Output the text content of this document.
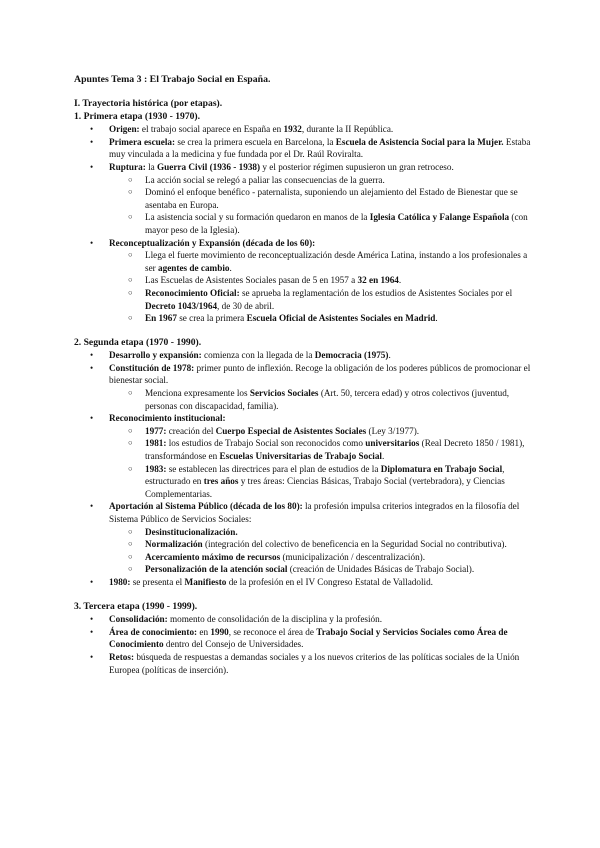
Apuntes Tema 3 : El Trabajo Social en España.
I. Trayectoria histórica (por etapas).
1. Primera etapa (1930 - 1970).
• Origen: el trabajo social aparece en España en 1932, durante la II República.
• Primera escuela: se crea la primera escuela en Barcelona, la Escuela de Asistencia Social para la Mujer. Estaba muy vinculada a la medicina y fue fundada por el Dr. Raúl Roviralta.
• Ruptura: la Guerra Civil (1936 - 1938) y el posterior régimen supusieron un gran retroceso.
○ La acción social se relegó a paliar las consecuencias de la guerra.
○ Dominó el enfoque benéfico - paternalista, suponiendo un alejamiento del Estado de Bienestar que se asentaba en Europa.
○ La asistencia social y su formación quedaron en manos de la Iglesia Católica y Falange Española (con mayor peso de la Iglesia).
• Reconceptualización y Expansión (década de los 60):
○ Llega el fuerte movimiento de reconceptualización desde América Latina, instando a los profesionales a ser agentes de cambio.
○ Las Escuelas de Asistentes Sociales pasan de 5 en 1957 a 32 en 1964.
○ Reconocimiento Oficial: se aprueba la reglamentación de los estudios de Asistentes Sociales por el Decreto 1043/1964, de 30 de abril.
○ En 1967 se crea la primera Escuela Oficial de Asistentes Sociales en Madrid.
2. Segunda etapa (1970 - 1990).
• Desarrollo y expansión: comienza con la llegada de la Democracia (1975).
• Constitución de 1978: primer punto de inflexión. Recoge la obligación de los poderes públicos de promocionar el bienestar social.
○ Menciona expresamente los Servicios Sociales (Art. 50, tercera edad) y otros colectivos (juventud, personas con discapacidad, familia).
• Reconocimiento institucional:
○ 1977: creación del Cuerpo Especial de Asistentes Sociales (Ley 3/1977).
○ 1981: los estudios de Trabajo Social son reconocidos como universitarios (Real Decreto 1850 / 1981), transformándose en Escuelas Universitarias de Trabajo Social.
○ 1983: se establecen las directrices para el plan de estudios de la Diplomatura en Trabajo Social, estructurado en tres años y tres áreas: Ciencias Básicas, Trabajo Social (vertebradora), y Ciencias Complementarias.
• Aportación al Sistema Público (década de los 80): la profesión impulsa criterios integrados en la filosofía del Sistema Público de Servicios Sociales:
○ Desinstitucionalización.
○ Normalización (integración del colectivo de beneficencia en la Seguridad Social no contributiva).
○ Acercamiento máximo de recursos (municipalización / descentralización).
○ Personalización de la atención social (creación de Unidades Básicas de Trabajo Social).
• 1980: se presenta el Manifiesto de la profesión en el IV Congreso Estatal de Valladolid.
3. Tercera etapa (1990 - 1999).
• Consolidación: momento de consolidación de la disciplina y la profesión.
• Área de conocimiento: en 1990, se reconoce el área de Trabajo Social y Servicios Sociales como Área de Conocimiento dentro del Consejo de Universidades.
• Retos: búsqueda de respuestas a demandas sociales y a los nuevos criterios de las políticas sociales de la Unión Europea (políticas de inserción).
